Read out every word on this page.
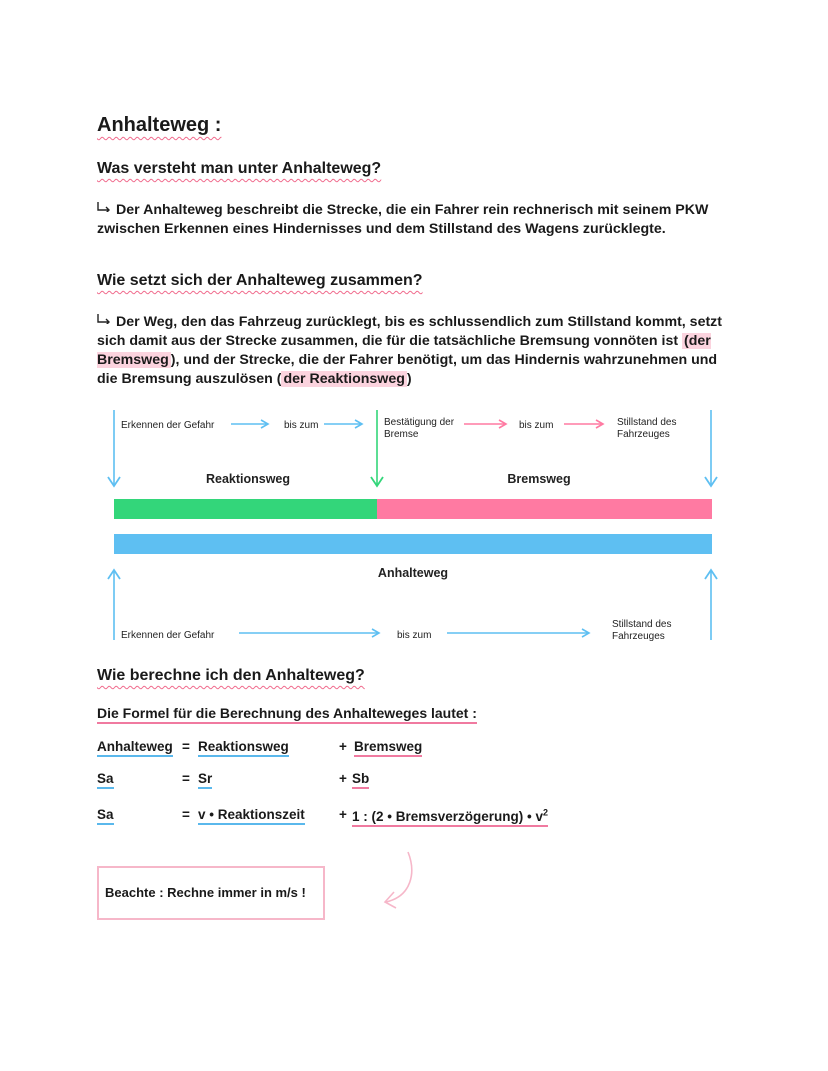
Anhalteweg :
Was versteht man unter Anhalteweg?
Der Anhalteweg beschreibt die Strecke, die ein Fahrer rein rechnerisch mit seinem PKW zwischen Erkennen eines Hindernisses und dem Stillstand des Wagens zurücklegte.
Wie setzt sich der Anhalteweg zusammen?
Der Weg, den das Fahrzeug zurücklegt, bis es schlussendlich zum Stillstand kommt, setzt sich damit aus der Strecke zusammen, die für die tatsächliche Bremsung vonnöten ist (der Bremsweg ), und der Strecke, die der Fahrer benötigt, um das Hindernis wahrzunehmen und die Bremsung auszulösen ( der Reaktionsweg )
Erkennen der Gefahr	bis zum	Bestätigung der
Bremse
bis zum	Stillstand des
Fahrzeuges
Reaktionsweg	Bremsweg
Anhalteweg
Erkennen der Gefahr	bis zum
Stillstand des
Fahrzeuges
Wie berechne ich den Anhalteweg?
Die Formel für die Berechnung des Anhalteweges lautet :
Anhalteweg = Reaktionsweg	+ Bremsweg
Sa	= Sr	+ Sb
Sa	= v • Reaktionszeit	+ 1 : (2 • Bremsverzögerung) • $v^2$
Beachte : Rechne immer in m/s !
